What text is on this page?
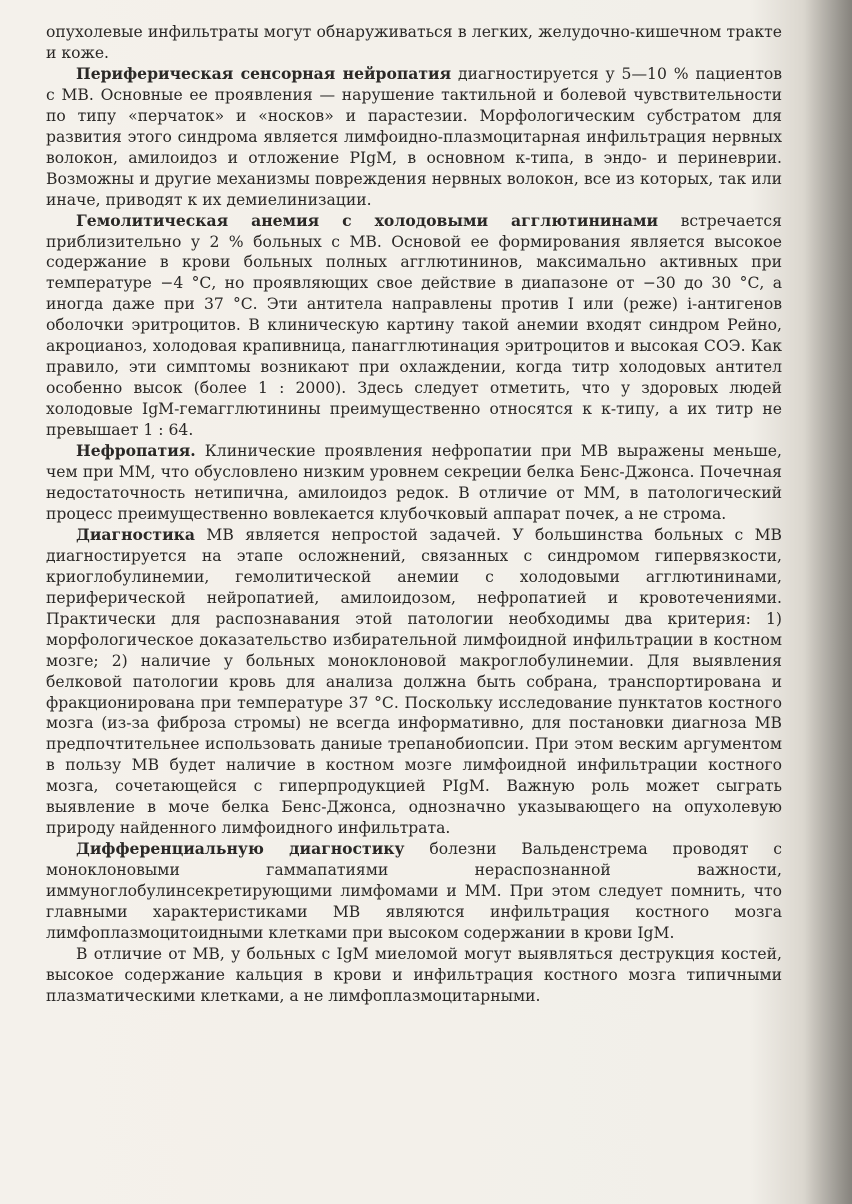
опухолевые инфильтраты могут обнаруживаться в легких, желудочно-кишечном тракте и коже.

Периферическая сенсорная нейропатия диагностируется у 5—10 % пациентов с МВ. Основные ее проявления — нарушение тактильной и болевой чувствительности по типу «перчаток» и «носков» и парастезии. Морфологическим субстратом для развития этого синдрома является лимфоидно-плазмоцитарная инфильтрация нервных волокон, амилоидоз и отложение PIgM, в основном к-типа, в эндо- и периневрии. Возможны и другие механизмы повреждения нервных волокон, все из которых, так или иначе, приводят к их демиелинизации.

Гемолитическая анемия с холодовыми агглютининами встречается приблизительно у 2 % больных с МВ. Основой ее формирования является высокое содержание в крови больных полных агглютининов, максимально активных при температуре −4 °С, но проявляющих свое действие в диапазоне от −30 до 30 °С, а иногда даже при 37 °С. Эти антитела направлены против I или (реже) i-антигенов оболочки эритроцитов. В клиническую картину такой анемии входят синдром Рейно, акроцианоз, холодовая крапивница, панагглютинация эритроцитов и высокая СОЭ. Как правило, эти симптомы возникают при охлаждении, когда титр холодовых антител особенно высок (более 1 : 2000). Здесь следует отметить, что у здоровых людей холодовые IgM-гемагглютинины преимущественно относятся к к-типу, а их титр не превышает 1 : 64.

Нефропатия. Клинические проявления нефропатии при МВ выражены меньше, чем при ММ, что обусловлено низким уровнем секреции белка Бенс-Джонса. Почечная недостаточность нетипична, амилоидоз редок. В отличие от ММ, в патологический процесс преимущественно вовлекается клубочковый аппарат почек, а не строма.

Диагностика МВ является непростой задачей. У большинства больных с МВ диагностируется на этапе осложнений, связанных с синдромом гипервязкости, криоглобулинемии, гемолитической анемии с холодовыми агглютининами, периферической нейропатией, амилоидозом, нефропатией и кровотечениями. Практически для распознавания этой патологии необходимы два критерия: 1) морфологическое доказательство избирательной лимфоидной инфильтрации в костном мозге; 2) наличие у больных моноклоновой макроглобулинемии. Для выявления белковой патологии кровь для анализа должна быть собрана, транспортирована и фракционирована при температуре 37 °С. Поскольку исследование пунктатов костного мозга (из-за фиброза стромы) не всегда информативно, для постановки диагноза МВ предпочтительнее использовать даниые трепанобиопсии. При этом веским аргументом в пользу МВ будет наличие в костном мозге лимфоидной инфильтрации костного мозга, сочетающейся с гиперпродукцией PIgM. Важную роль может сыграть выявление в моче белка Бенс-Джонса, однозначно указывающего на опухолевую природу найденного лимфоидного инфильтрата.

Дифференциальную диагностику болезни Вальденстрема проводят с моноклоновыми гаммапатиями нераспознанной важности, иммуноглобулинсекретирующими лимфомами и ММ. При этом следует помнить, что главными характеристиками МВ являются инфильтрация костного мозга лимфоплазмоцитоидными клетками при высоком содержании в крови IgM.

В отличие от МВ, у больных с IgM миеломой могут выявляться деструкция костей, высокое содержание кальция в крови и инфильтрация костного мозга типичными плазматическими клетками, а не лимфоплазмоцитарными.
